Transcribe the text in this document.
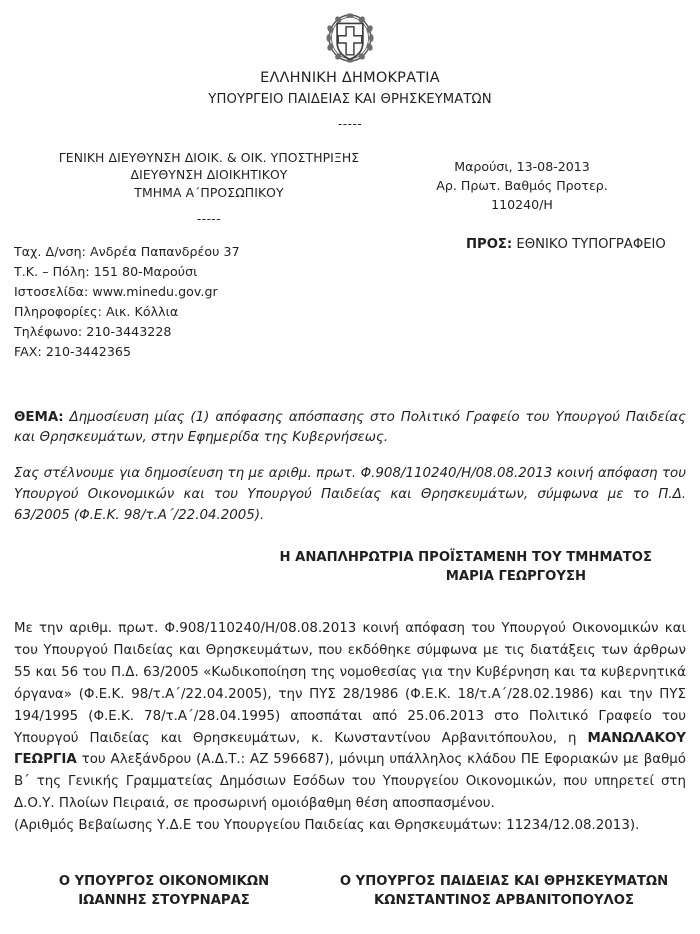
ΕΛΛΗΝΙΚΗ ΔΗΜΟΚΡΑΤΙΑ
ΥΠΟΥΡΓΕΙΟ ΠΑΙΔΕΙΑΣ ΚΑΙ ΘΡΗΣΚΕΥΜΑΤΩΝ
-----
ΓΕΝΙΚΗ ΔΙΕΥΘΥΝΣΗ ΔΙΟΙΚ. & ΟΙΚ. ΥΠΟΣΤΗΡΙΞΗΣ
ΔΙΕΥΘΥΝΣΗ ΔΙΟΙΚΗΤΙΚΟΥ
ΤΜΗΜΑ Α΄ΠΡΟΣΩΠΙΚΟΥ
-----
Μαρούσι, 13-08-2013
Αρ. Πρωτ. Βαθμός Προτερ.
110240/Η
Ταχ. Δ/νση: Ανδρέα Παπανδρέου 37
Τ.Κ. – Πόλη: 151 80-Μαρούσι
Ιστοσελίδα: www.minedu.gov.gr
Πληροφορίες: Αικ. Κόλλια
Τηλέφωνο: 210-3443228
FAX: 210-3442365
ΠΡΟΣ: ΕΘΝΙΚΟ ΤΥΠΟΓΡΑΦΕΙΟ
ΘΕΜΑ: Δημοσίευση μίας (1) απόφασης απόσπασης στο Πολιτικό Γραφείο του Υπουργού Παιδείας και Θρησκευμάτων, στην Εφημερίδα της Κυβερνήσεως.
Σας στέλνουμε για δημοσίευση τη με αριθμ. πρωτ. Φ.908/110240/Η/08.08.2013 κοινή απόφαση του Υπουργού Οικονομικών και του Υπουργού Παιδείας και Θρησκευμάτων, σύμφωνα με το Π.Δ. 63/2005 (Φ.Ε.Κ. 98/τ.Α΄/22.04.2005).
Η ΑΝΑΠΛΗΡΩΤΡΙΑ ΠΡΟΪΣΤΑΜΕΝΗ ΤΟΥ ΤΜΗΜΑΤΟΣ
ΜΑΡΙΑ ΓΕΩΡΓΟΥΣΗ
Με την αριθμ. πρωτ. Φ.908/110240/Η/08.08.2013 κοινή απόφαση του Υπουργού Οικονομικών και του Υπουργού Παιδείας και Θρησκευμάτων, που εκδόθηκε σύμφωνα με τις διατάξεις των άρθρων 55 και 56 του Π.Δ. 63/2005 «Κωδικοποίηση της νομοθεσίας για την Κυβέρνηση και τα κυβερνητικά όργανα» (Φ.Ε.Κ. 98/τ.Α΄/22.04.2005), την ΠΥΣ 28/1986 (Φ.Ε.Κ. 18/τ.Α΄/28.02.1986) και την ΠΥΣ 194/1995 (Φ.Ε.Κ. 78/τ.Α΄/28.04.1995) αποσπάται από 25.06.2013 στο Πολιτικό Γραφείο του Υπουργού Παιδείας και Θρησκευμάτων, κ. Κωνσταντίνου Αρβανιτόπουλου, η ΜΑΝΩΛΑΚΟΥ ΓΕΩΡΓΙΑ του Αλεξάνδρου (Α.Δ.Τ.: ΑΖ 596687), μόνιμη υπάλληλος κλάδου ΠΕ Εφοριακών με βαθμό Β΄ της Γενικής Γραμματείας Δημόσιων Εσόδων του Υπουργείου Οικονομικών, που υπηρετεί στη Δ.Ο.Υ. Πλοίων Πειραιά, σε προσωρινή ομοιόβαθμη θέση αποσπασμένου.
(Αριθμός Βεβαίωσης Υ.Δ.Ε του Υπουργείου Παιδείας και Θρησκευμάτων: 11234/12.08.2013).
Ο ΥΠΟΥΡΓΟΣ ΟΙΚΟΝΟΜΙΚΩΝ
ΙΩΑΝΝΗΣ ΣΤΟΥΡΝΑΡΑΣ
Ο ΥΠΟΥΡΓΟΣ ΠΑΙΔΕΙΑΣ ΚΑΙ ΘΡΗΣΚΕΥΜΑΤΩΝ
ΚΩΝΣΤΑΝΤΙΝΟΣ ΑΡΒΑΝΙΤΟΠΟΥΛΟΣ
